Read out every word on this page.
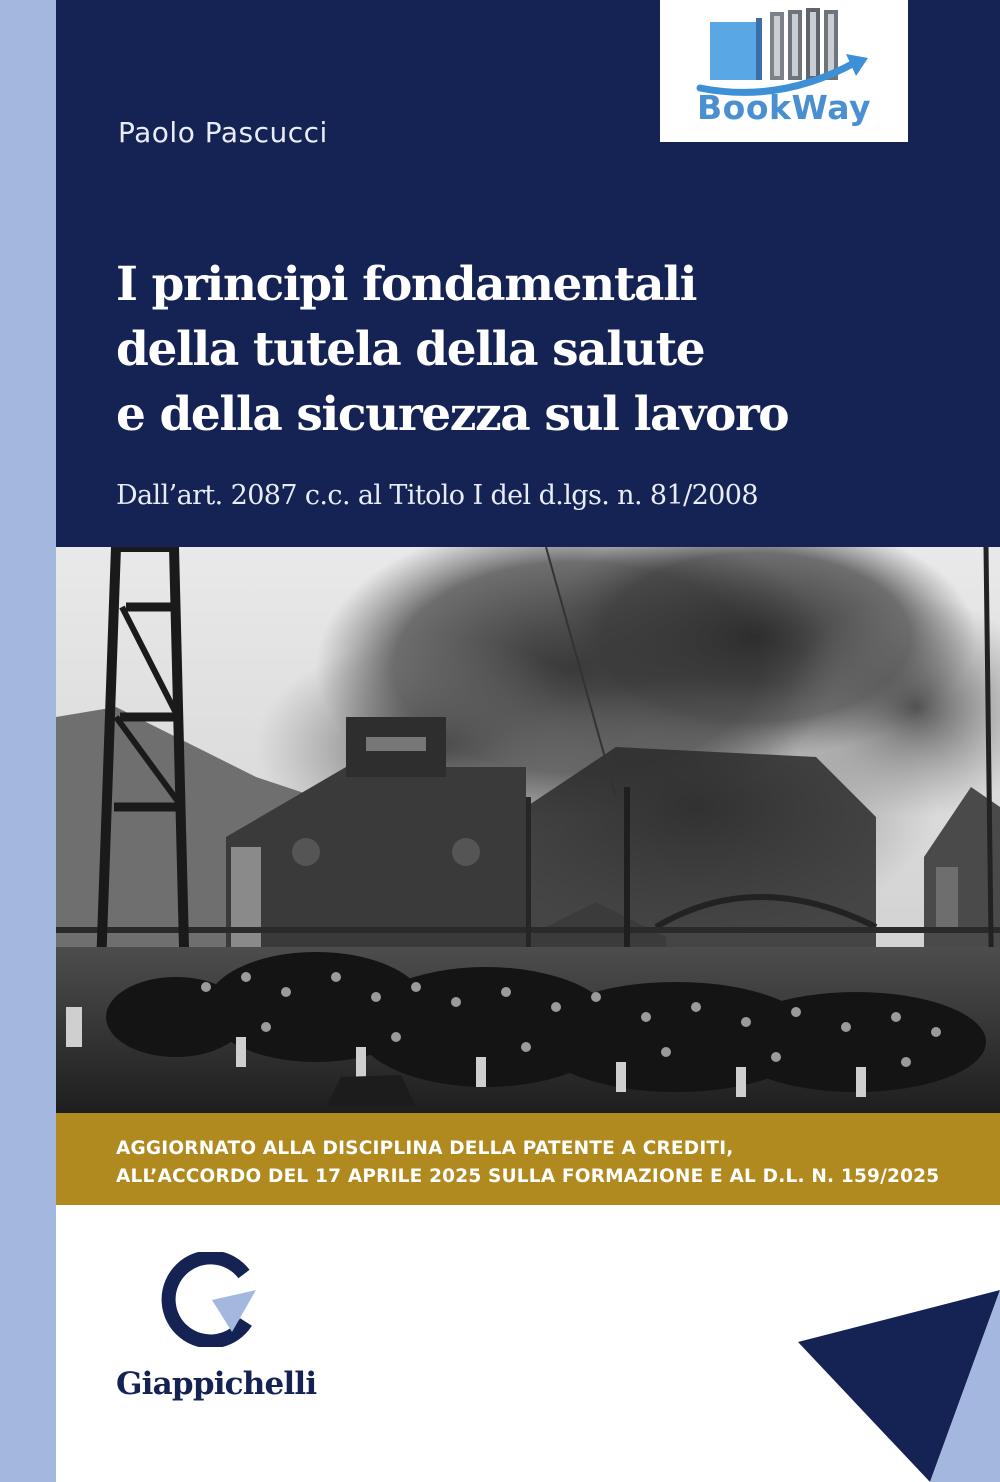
Paolo Pascucci
I principi fondamentali
della tutela della salute
e della sicurezza sul lavoro
Dall’art. 2087 c.c. al Titolo I del d.lgs. n. 81/2008
BookWay
AGGIORNATO ALLA DISCIPLINA DELLA PATENTE A CREDITI,
ALL’ACCORDO DEL 17 APRILE 2025 SULLA FORMAZIONE E AL D.L. N. 159/2025
Giappichelli
